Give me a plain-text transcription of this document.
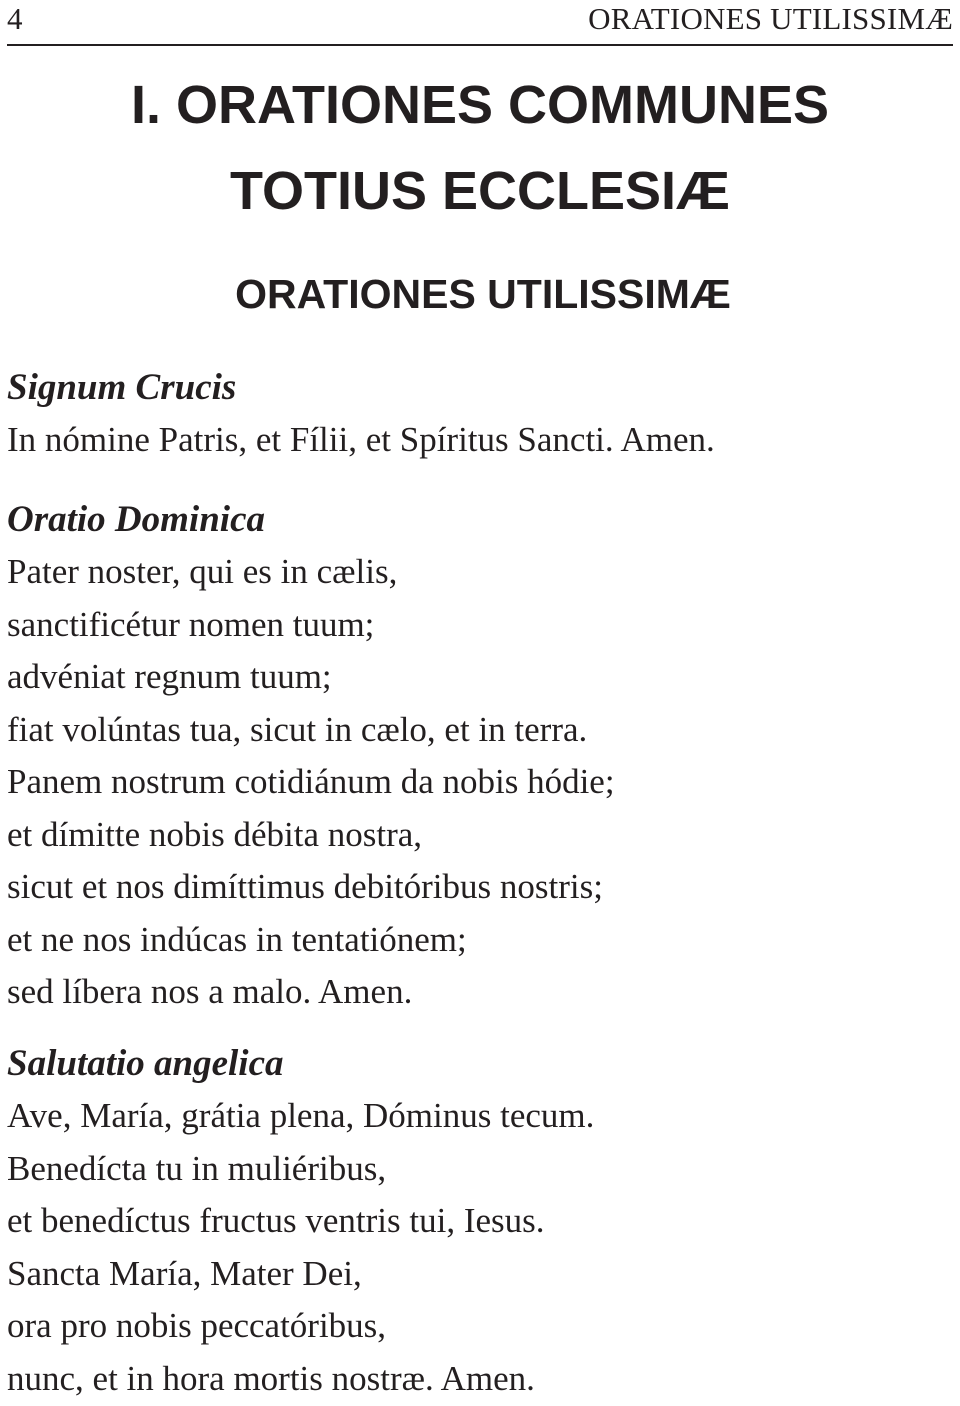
4	ORATIONES UTILISSIMÆ
I. ORATIONES COMMUNES
TOTIUS ECCLESIÆ
ORATIONES UTILISSIMÆ
Signum Crucis
In nómine Patris, et Fílii, et Spíritus Sancti. Amen.
Oratio Dominica
Pater noster, qui es in cælis,
sanctificétur nomen tuum;
advéniat regnum tuum;
fiat volúntas tua, sicut in cælo, et in terra.
Panem nostrum cotidiánum da nobis hódie;
et dímitte nobis débita nostra,
sicut et nos dimíttimus debitóribus nostris;
et ne nos indúcas in tentatiónem;
sed líbera nos a malo. Amen.
Salutatio angelica
Ave, María, grátia plena, Dóminus tecum.
Benedícta tu in muliéribus,
et benedíctus fructus ventris tui, Iesus.
Sancta María, Mater Dei,
ora pro nobis peccatóribus,
nunc, et in hora mortis nostræ. Amen.
